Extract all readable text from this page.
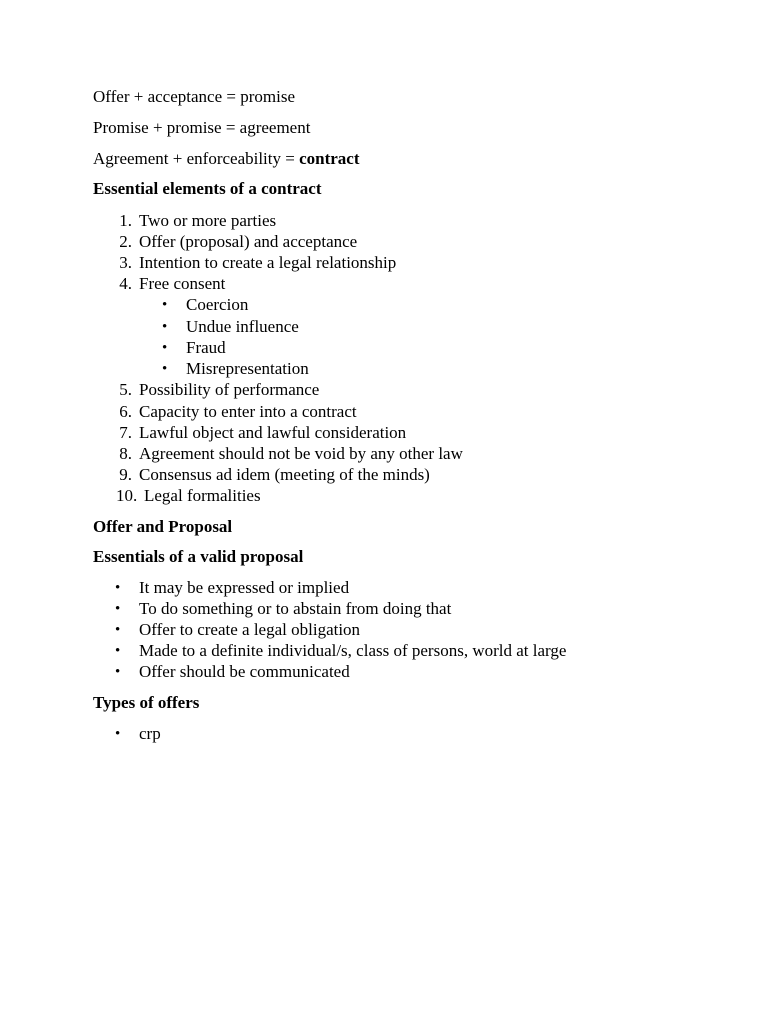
Offer + acceptance = promise
Promise + promise = agreement
Agreement + enforceability = contract
Essential elements of a contract
1. Two or more parties
2. Offer (proposal) and acceptance
3. Intention to create a legal relationship
4. Free consent
• Coercion
• Undue influence
• Fraud
• Misrepresentation
5. Possibility of performance
6. Capacity to enter into a contract
7. Lawful object and lawful consideration
8. Agreement should not be void by any other law
9. Consensus ad idem (meeting of the minds)
10. Legal formalities
Offer and Proposal
Essentials of a valid proposal
• It may be expressed or implied
• To do something or to abstain from doing that
• Offer to create a legal obligation
• Made to a definite individual/s, class of persons, world at large
• Offer should be communicated
Types of offers
• crp
